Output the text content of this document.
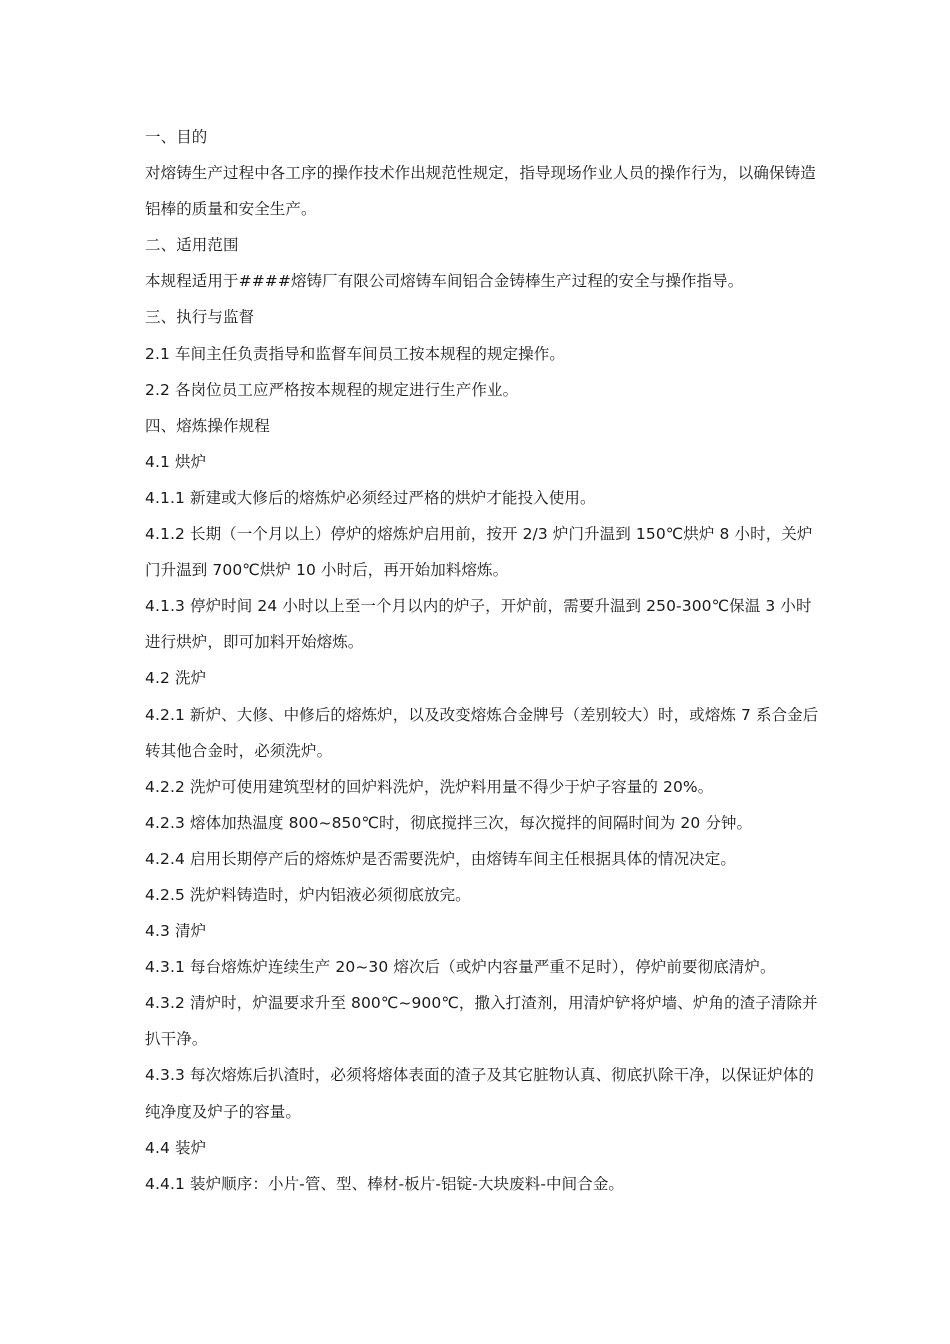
一、目的

对熔铸生产过程中各工序的操作技术作出规范性规定，指导现场作业人员的操作行为，以确保铸造铝棒的质量和安全生产。

二、适用范围

本规程适用于####熔铸厂有限公司熔铸车间铝合金铸棒生产过程的安全与操作指导。

三、执行与监督

2.1 车间主任负责指导和监督车间员工按本规程的规定操作。

2.2 各岗位员工应严格按本规程的规定进行生产作业。

四、熔炼操作规程

4.1 烘炉

4.1.1 新建或大修后的熔炼炉必须经过严格的烘炉才能投入使用。

4.1.2 长期（一个月以上）停炉的熔炼炉启用前，按开 2/3 炉门升温到 150℃烘炉 8 小时，关炉门升温到 700℃烘炉 10 小时后，再开始加料熔炼。

4.1.3 停炉时间 24 小时以上至一个月以内的炉子，开炉前，需要升温到 250-300℃保温 3 小时进行烘炉，即可加料开始熔炼。

4.2 洗炉

4.2.1 新炉、大修、中修后的熔炼炉，以及改变熔炼合金牌号（差别较大）时，或熔炼 7 系合金后转其他合金时，必须洗炉。

4.2.2 洗炉可使用建筑型材的回炉料洗炉，洗炉料用量不得少于炉子容量的 20%。

4.2.3 熔体加热温度 800~850℃时，彻底搅拌三次，每次搅拌的间隔时间为 20 分钟。

4.2.4 启用长期停产后的熔炼炉是否需要洗炉，由熔铸车间主任根据具体的情况决定。

4.2.5 洗炉料铸造时，炉内铝液必须彻底放完。

4.3 清炉

4.3.1 每台熔炼炉连续生产 20~30 熔次后（或炉内容量严重不足时），停炉前要彻底清炉。

4.3.2 清炉时，炉温要求升至 800℃~900℃，撒入打渣剂，用清炉铲将炉墙、炉角的渣子清除并扒干净。

4.3.3 每次熔炼后扒渣时，必须将熔体表面的渣子及其它脏物认真、彻底扒除干净，以保证炉体的纯净度及炉子的容量。

4.4 装炉

4.4.1 装炉顺序：小片-管、型、棒材-板片-铝锭-大块废料-中间合金。
